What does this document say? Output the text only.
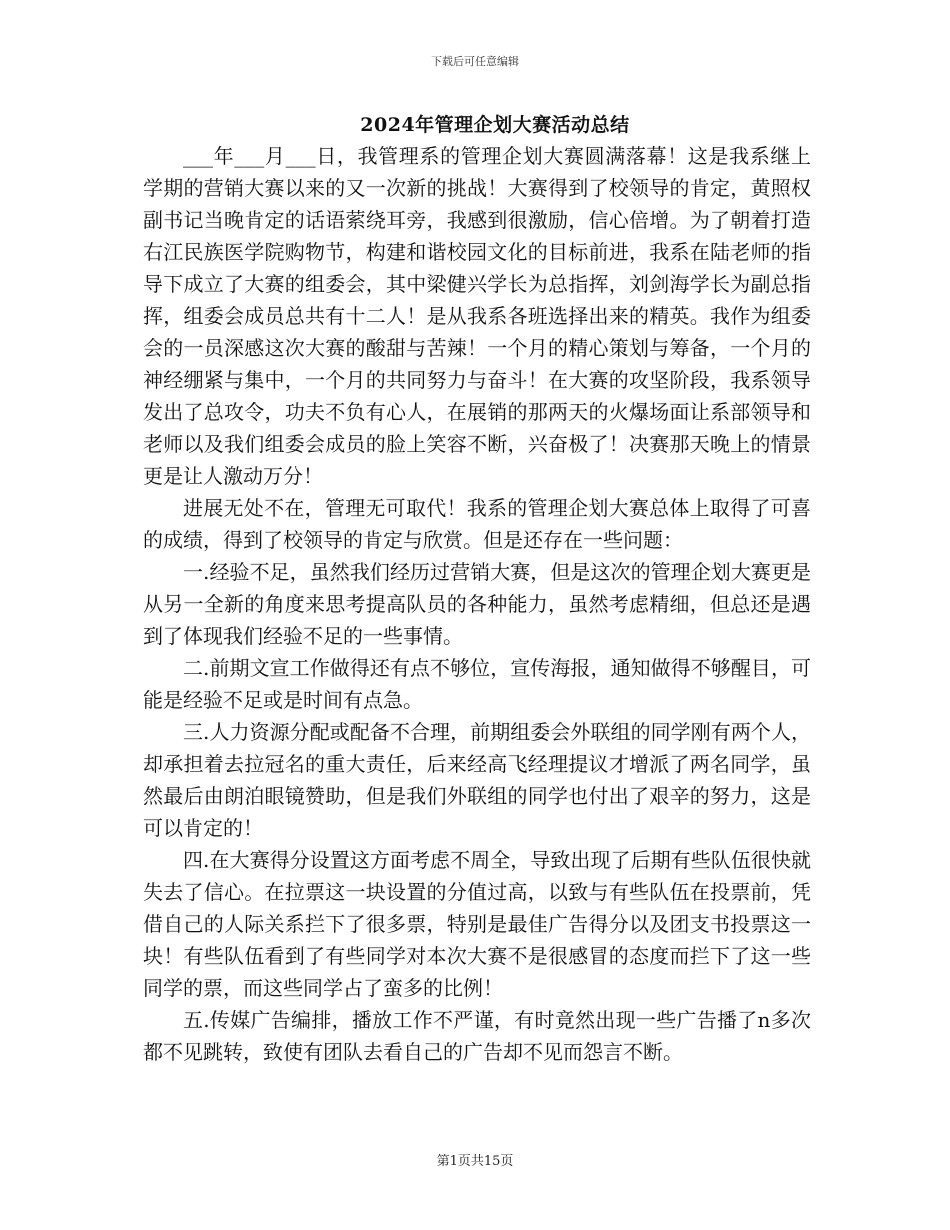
下载后可任意编辑
2024年管理企划大赛活动总结

___年___月___日，我管理系的管理企划大赛圆满落幕！这是我系继上学期的营销大赛以来的又一次新的挑战！大赛得到了校领导的肯定，黄照权副书记当晚肯定的话语萦绕耳旁，我感到很激励，信心倍增。为了朝着打造右江民族医学院购物节，构建和谐校园文化的目标前进，我系在陆老师的指导下成立了大赛的组委会，其中梁健兴学长为总指挥，刘剑海学长为副总指挥，组委会成员总共有十二人！是从我系各班选择出来的精英。我作为组委会的一员深感这次大赛的酸甜与苦辣！一个月的精心策划与筹备，一个月的神经绷紧与集中，一个月的共同努力与奋斗！在大赛的攻坚阶段，我系领导发出了总攻令，功夫不负有心人，在展销的那两天的火爆场面让系部领导和老师以及我们组委会成员的脸上笑容不断，兴奋极了！决赛那天晚上的情景更是让人激动万分！

进展无处不在，管理无可取代！我系的管理企划大赛总体上取得了可喜的成绩，得到了校领导的肯定与欣赏。但是还存在一些问题：

一.经验不足，虽然我们经历过营销大赛，但是这次的管理企划大赛更是从另一全新的角度来思考提高队员的各种能力，虽然考虑精细，但总还是遇到了体现我们经验不足的一些事情。

二.前期文宣工作做得还有点不够位，宣传海报，通知做得不够醒目，可能是经验不足或是时间有点急。

三.人力资源分配或配备不合理，前期组委会外联组的同学刚有两个人，却承担着去拉冠名的重大责任，后来经高飞经理提议才增派了两名同学，虽然最后由朗泊眼镜赞助，但是我们外联组的同学也付出了艰辛的努力，这是可以肯定的！

四.在大赛得分设置这方面考虑不周全，导致出现了后期有些队伍很快就失去了信心。在拉票这一块设置的分值过高，以致与有些队伍在投票前，凭借自己的人际关系拦下了很多票，特别是最佳广告得分以及团支书投票这一块！有些队伍看到了有些同学对本次大赛不是很感冒的态度而拦下了这一些同学的票，而这些同学占了蛮多的比例！

五.传媒广告编排，播放工作不严谨，有时竟然出现一些广告播了n多次都不见跳转，致使有团队去看自己的广告却不见而怨言不断。

第1页共15页
